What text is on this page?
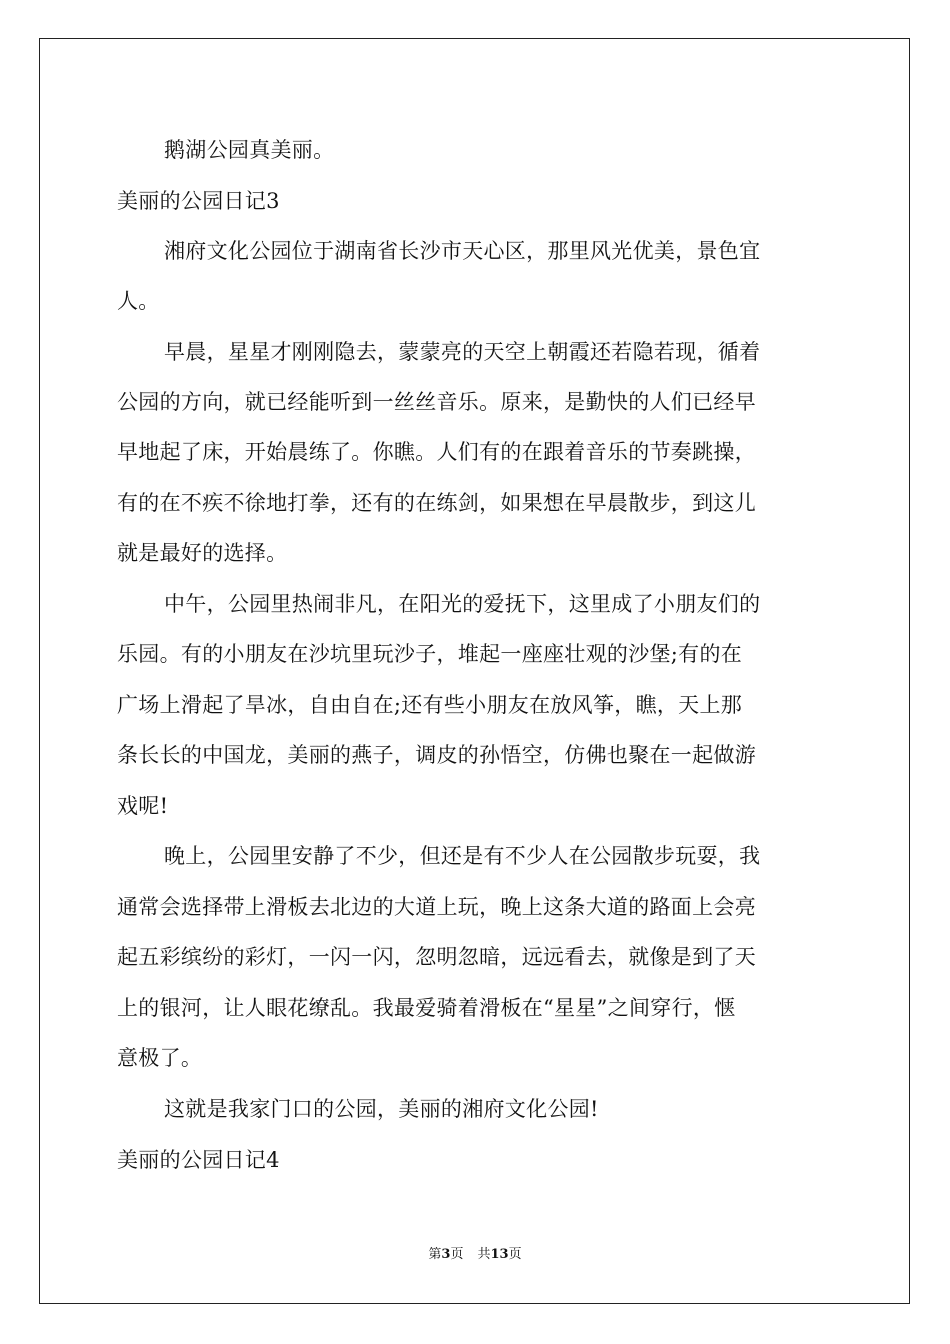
鹅湖公园真美丽。
美丽的公园日记3
湘府文化公园位于湖南省长沙市天心区，那里风光优美，景色宜
人。
早晨，星星才刚刚隐去，蒙蒙亮的天空上朝霞还若隐若现，循着
公园的方向，就已经能听到一丝丝音乐。原来，是勤快的人们已经早
早地起了床，开始晨练了。你瞧。人们有的在跟着音乐的节奏跳操，
有的在不疾不徐地打拳，还有的在练剑，如果想在早晨散步，到这儿
就是最好的选择。
中午，公园里热闹非凡，在阳光的爱抚下，这里成了小朋友们的
乐园。有的小朋友在沙坑里玩沙子，堆起一座座壮观的沙堡;有的在
广场上滑起了旱冰，自由自在;还有些小朋友在放风筝，瞧，天上那
条长长的中国龙，美丽的燕子，调皮的孙悟空，仿佛也聚在一起做游
戏呢!
晚上，公园里安静了不少，但还是有不少人在公园散步玩耍，我
通常会选择带上滑板去北边的大道上玩，晚上这条大道的路面上会亮
起五彩缤纷的彩灯，一闪一闪，忽明忽暗，远远看去，就像是到了天
上的银河，让人眼花缭乱。我最爱骑着滑板在“星星”之间穿行，惬
意极了。
这就是我家门口的公园，美丽的湘府文化公园!
美丽的公园日记4
第3页 共13页
